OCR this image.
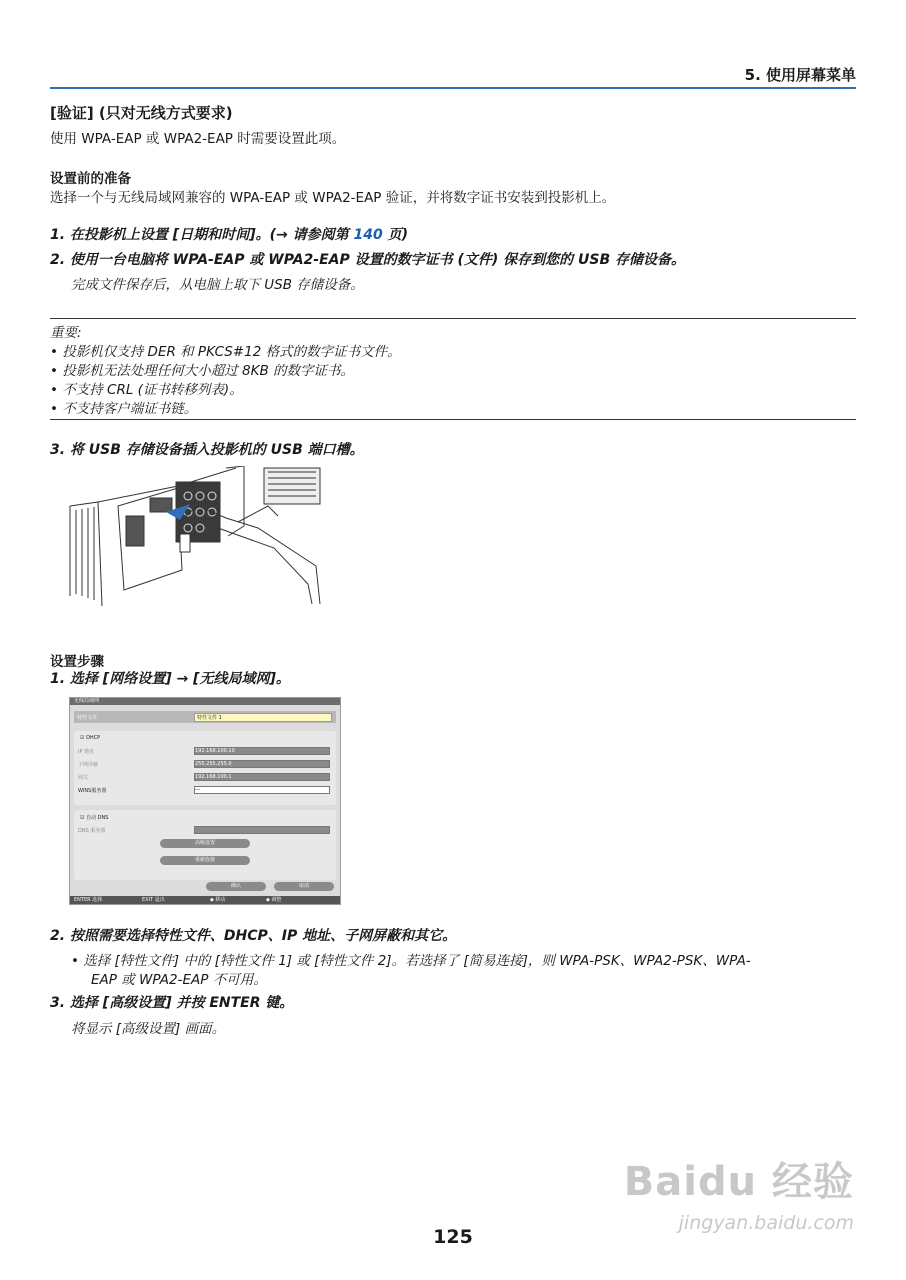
5. 使用屏幕菜单
[验证] (只对无线方式要求)
使用 WPA-EAP 或 WPA2-EAP 时需要设置此项。
设置前的准备
选择一个与无线局域网兼容的 WPA-EAP 或 WPA2-EAP 验证，并将数字证书安装到投影机上。
1. 在投影机上设置 [日期和时间]。(→ 请参阅第 140 页)
2. 使用一台电脑将 WPA-EAP 或 WPA2-EAP 设置的数字证书 (文件) 保存到您的 USB 存储设备。
完成文件保存后，从电脑上取下 USB 存储设备。
重要:
• 投影机仅支持 DER 和 PKCS#12 格式的数字证书文件。
• 投影机无法处理任何大小超过 8KB 的数字证书。
• 不支持 CRL (证书转移列表)。
• 不支持客户端证书链。
3. 将 USB 存储设备插入投影机的 USB 端口槽。
设置步骤
1. 选择 [网络设置] → [无线局域网]。
无线局域网
特性文件	特性文件 1
☑ DHCP
IP 地址	192.168.100.10
子网屏蔽	255.255.255.0
网关	192.168.100.1
WINS服务器	---
☑ 自动 DNS
DNS 服务器
高级设置
重新连接
确认	取消
ENTER 选择	EXIT 退出	◆ 移动	◆ 调整
2. 按照需要选择特性文件、DHCP、IP 地址、子网屏蔽和其它。
• 选择 [特性文件] 中的 [特性文件 1] 或 [特性文件 2]。若选择了 [简易连接]，则 WPA-PSK、WPA2-PSK、WPA-
EAP 或 WPA2-EAP 不可用。
3. 选择 [高级设置] 并按 ENTER 键。
将显示 [高级设置] 画面。
Baidu 经验
jingyan.baidu.com
125
